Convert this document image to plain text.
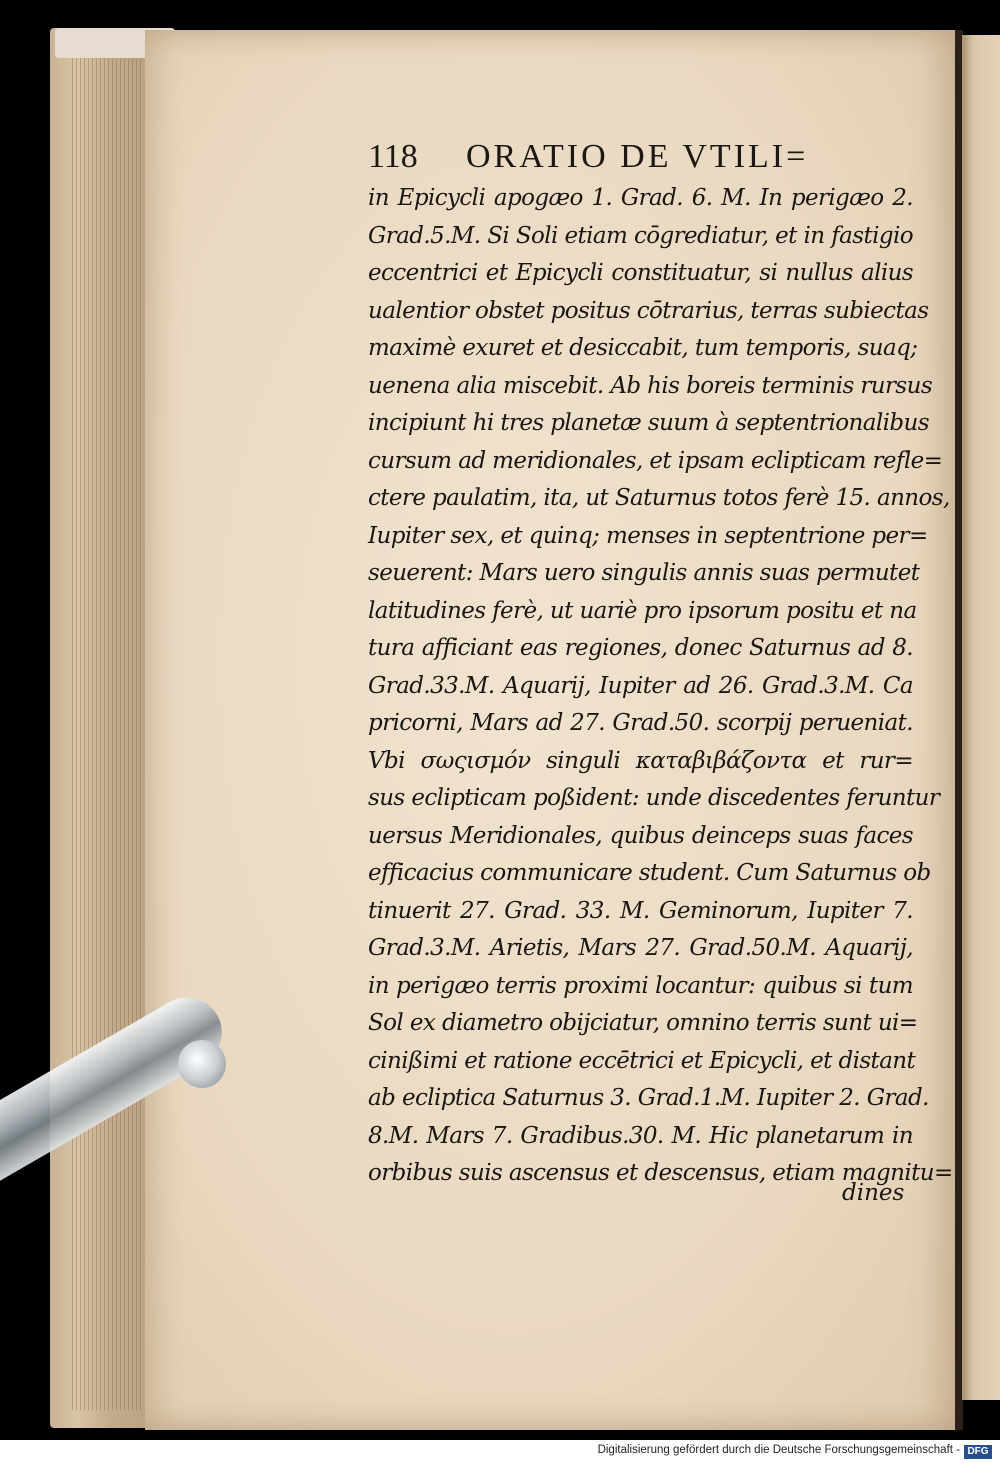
118 ORATIO DE VTILI=
in Epicycli apogæo 1. Grad. 6. M. In perigæo 2.
Grad.5.M. Si Soli etiam cōgrediatur, et in fastigio
eccentrici et Epicycli constituatur, si nullus alius
ualentior obstet positus cōtrarius, terras subiectas
maximè exuret et desiccabit, tum temporis, suaq;
uenena alia miscebit. Ab his boreis terminis rursus
incipiunt hi tres planetæ suum à septentrionalibus
cursum ad meridionales, et ipsam eclipticam refle=
ctere paulatim, ita, ut Saturnus totos ferè 15. annos,
Iupiter sex, et quinq; menses in septentrione per=
seuerent: Mars uero singulis annis suas permutet
latitudines ferè, ut uariè pro ipsorum positu et na
tura afficiant eas regiones, donec Saturnus ad 8.
Grad.33.M. Aquarij, Iupiter ad 26. Grad.3.M. Ca
pricorni, Mars ad 27. Grad.50. scorpij perueniat.
Vbi σωςισμόν singuli καταβιβάζοντα et rur=
sus eclipticam poßident: unde discedentes feruntur
uersus Meridionales, quibus deinceps suas faces
efficacius communicare student. Cum Saturnus ob
tinuerit 27. Grad. 33. M. Geminorum, Iupiter 7.
Grad.3.M. Arietis, Mars 27. Grad.50.M. Aquarij,
in perigæo terris proximi locantur: quibus si tum
Sol ex diametro obijciatur, omnino terris sunt ui=
cinißimi et ratione eccētrici et Epicycli, et distant
ab ecliptica Saturnus 3. Grad.1.M. Iupiter 2. Grad.
8.M. Mars 7. Gradibus.30. M. Hic planetarum in
orbibus suis ascensus et descensus, etiam magnitu=
dines
Digitalisierung gefördert durch die Deutsche Forschungsgemeinschaft - DFG
